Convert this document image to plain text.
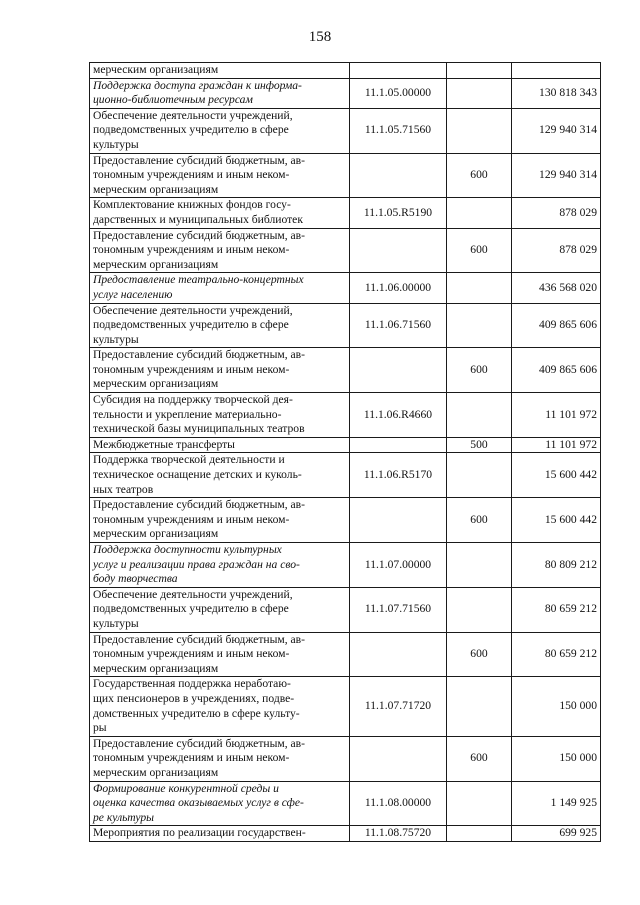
158
мерческим организациям			

Поддержка доступа граждан к информа-
ционно-библиотечным ресурсам	11.1.05.00000		130 818 343

Обеспечение деятельности учреждений,
подведомственных учредителю в сфере
культуры	11.1.05.71560		129 940 314

Предоставление субсидий бюджетным, ав-
тономным учреждениям и иным неком-
мерческим организациям		600	129 940 314

Комплектование книжных фондов госу-
дарственных и муниципальных библиотек	11.1.05.R5190		878 029

Предоставление субсидий бюджетным, ав-
тономным учреждениям и иным неком-
мерческим организациям		600	878 029

Предоставление театрально-концертных
услуг населению	11.1.06.00000		436 568 020

Обеспечение деятельности учреждений,
подведомственных учредителю в сфере
культуры	11.1.06.71560		409 865 606

Предоставление субсидий бюджетным, ав-
тономным учреждениям и иным неком-
мерческим организациям		600	409 865 606

Субсидия на поддержку творческой дея-
тельности и укрепление материально-
технической базы муниципальных театров	11.1.06.R4660		11 101 972

Межбюджетные трансферты		500	11 101 972

Поддержка творческой деятельности и
техническое оснащение детских и куколь-
ных театров	11.1.06.R5170		15 600 442

Предоставление субсидий бюджетным, ав-
тономным учреждениям и иным неком-
мерческим организациям		600	15 600 442

Поддержка доступности культурных
услуг и реализации права граждан на сво-
боду творчества	11.1.07.00000		80 809 212

Обеспечение деятельности учреждений,
подведомственных учредителю в сфере
культуры	11.1.07.71560		80 659 212

Предоставление субсидий бюджетным, ав-
тономным учреждениям и иным неком-
мерческим организациям		600	80 659 212

Государственная поддержка неработаю-
щих пенсионеров в учреждениях, подве-
домственных учредителю в сфере культу-
ры	11.1.07.71720		150 000

Предоставление субсидий бюджетным, ав-
тономным учреждениям и иным неком-
мерческим организациям		600	150 000

Формирование конкурентной среды и
оценка качества оказываемых услуг в сфе-
ре культуры	11.1.08.00000		1 149 925

Мероприятия по реализации государствен-	11.1.08.75720		699 925
